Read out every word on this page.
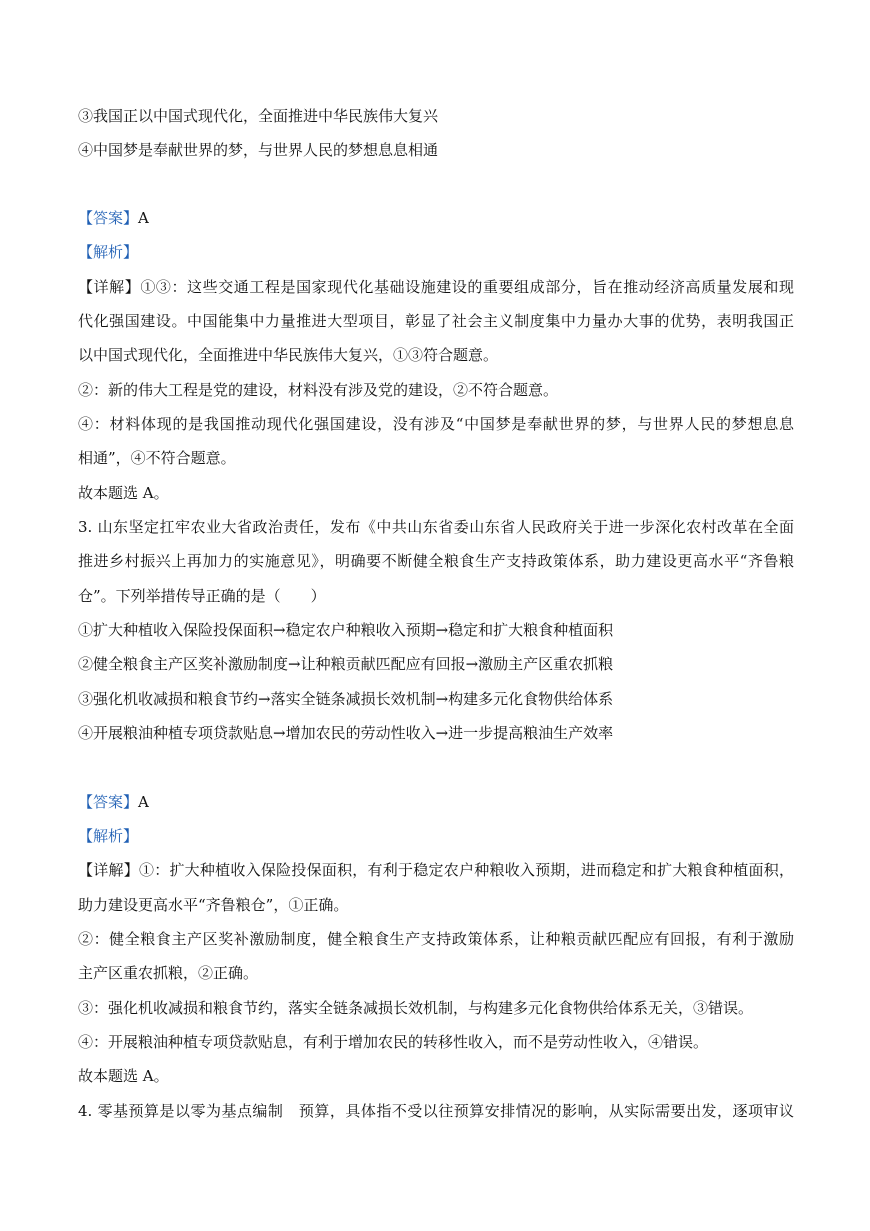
③我国正以中国式现代化，全面推进中华民族伟大复兴
④中国梦是奉献世界的梦，与世界人民的梦想息息相通
【答案】A
【解析】
【详解】①③：这些交通工程是国家现代化基础设施建设的重要组成部分，旨在推动经济高质量发展和现
代化强国建设。中国能集中力量推进大型项目，彰显了社会主义制度集中力量办大事的优势，表明我国正
以中国式现代化，全面推进中华民族伟大复兴，①③符合题意。
②：新的伟大工程是党的建设，材料没有涉及党的建设，②不符合题意。
④：材料体现的是我国推动现代化强国建设，没有涉及“中国梦是奉献世界的梦，与世界人民的梦想息息
相通”，④不符合题意。
故本题选 A。
3. 山东坚定扛牢农业大省政治责任，发布《中共山东省委山东省人民政府关于进一步深化农村改革在全面
推进乡村振兴上再加力的实施意见》，明确要不断健全粮食生产支持政策体系，助力建设更高水平“齐鲁粮
仓”。下列举措传导正确的是（　　）
①扩大种植收入保险投保面积→稳定农户种粮收入预期→稳定和扩大粮食种植面积
②健全粮食主产区奖补激励制度→让种粮贡献匹配应有回报→激励主产区重农抓粮
③强化机收减损和粮食节约→落实全链条减损长效机制→构建多元化食物供给体系
④开展粮油种植专项贷款贴息→增加农民的劳动性收入→进一步提高粮油生产效率
【答案】A
【解析】
【详解】①：扩大种植收入保险投保面积，有利于稳定农户种粮收入预期，进而稳定和扩大粮食种植面积，
助力建设更高水平“齐鲁粮仓”，①正确。
②：健全粮食主产区奖补激励制度，健全粮食生产支持政策体系，让种粮贡献匹配应有回报，有利于激励
主产区重农抓粮，②正确。
③：强化机收减损和粮食节约，落实全链条减损长效机制，与构建多元化食物供给体系无关，③错误。
④：开展粮油种植专项贷款贴息，有利于增加农民的转移性收入，而不是劳动性收入，④错误。
故本题选 A。
4. 零基预算是以零为基点编制　预算，具体指不受以往预算安排情况的影响，从实际需要出发，逐项审议
